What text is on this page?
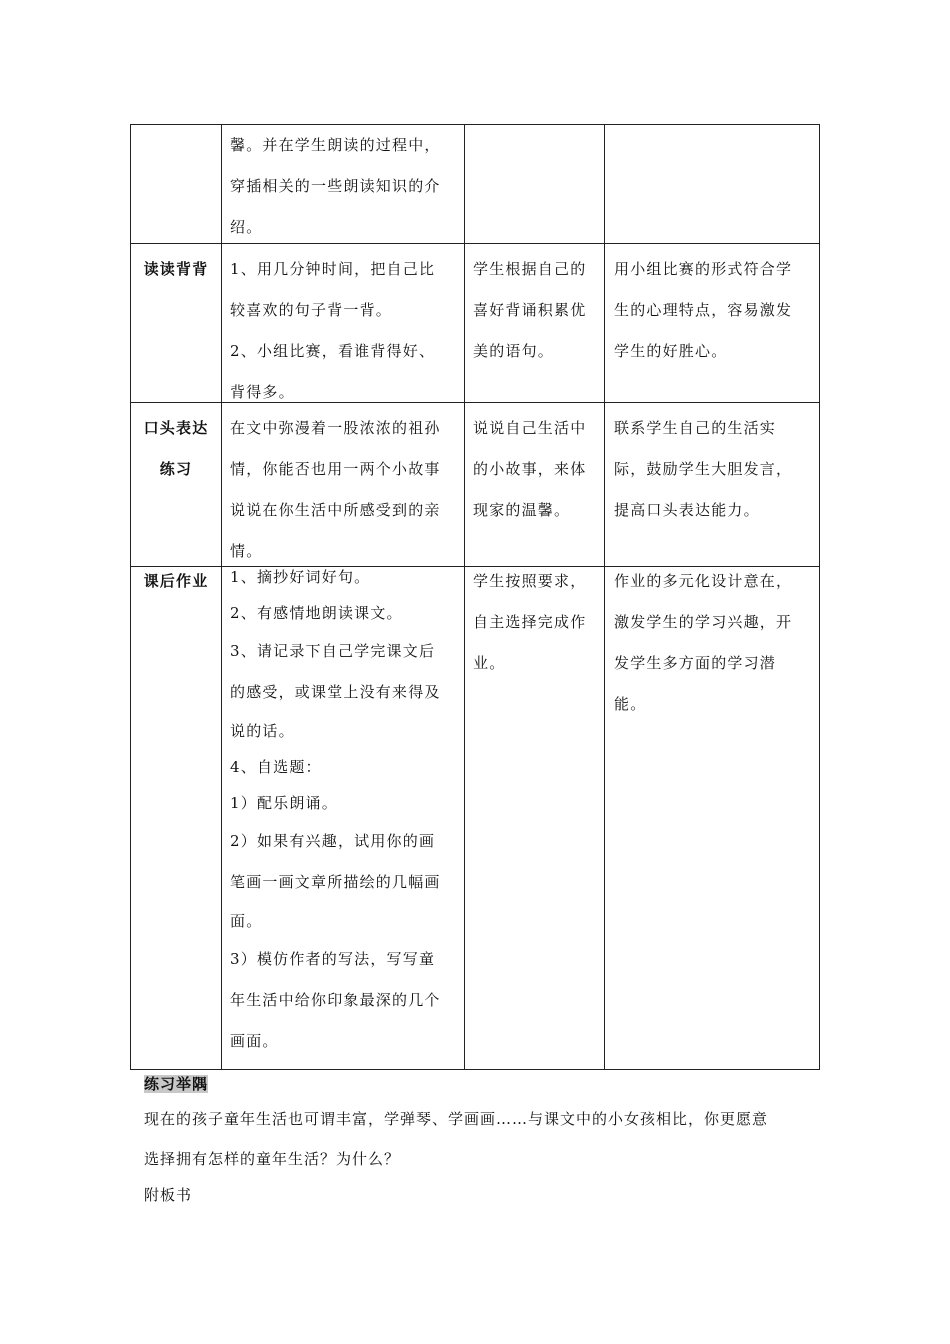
馨。并在学生朗读的过程中，
穿插相关的一些朗读知识的介
绍。
读读背背	1、用几分钟时间，把自己比
较喜欢的句子背一背。
2、小组比赛，看谁背得好、
背得多。
学生根据自己的
喜好背诵积累优
美的语句。
用小组比赛的形式符合学
生的心理特点，容易激发
学生的好胜心。
口头表达
练习
在文中弥漫着一股浓浓的祖孙
情，你能否也用一两个小故事
说说在你生活中所感受到的亲
情。
说说自己生活中
的小故事，来体
现家的温馨。
联系学生自己的生活实
际，鼓励学生大胆发言，
提高口头表达能力。
课后作业	1、摘抄好词好句。
2、有感情地朗读课文。
3、请记录下自己学完课文后
的感受，或课堂上没有来得及
说的话。
4、自选题：
1）配乐朗诵。
2）如果有兴趣，试用你的画
笔画一画文章所描绘的几幅画
面。
3）模仿作者的写法，写写童
年生活中给你印象最深的几个
画面。
学生按照要求，
自主选择完成作
业。
作业的多元化设计意在，
激发学生的学习兴趣，开
发学生多方面的学习潜
能。
练习举隅
现在的孩子童年生活也可谓丰富，学弹琴、学画画……与课文中的小女孩相比，你更愿意
选择拥有怎样的童年生活？为什么？
附板书
